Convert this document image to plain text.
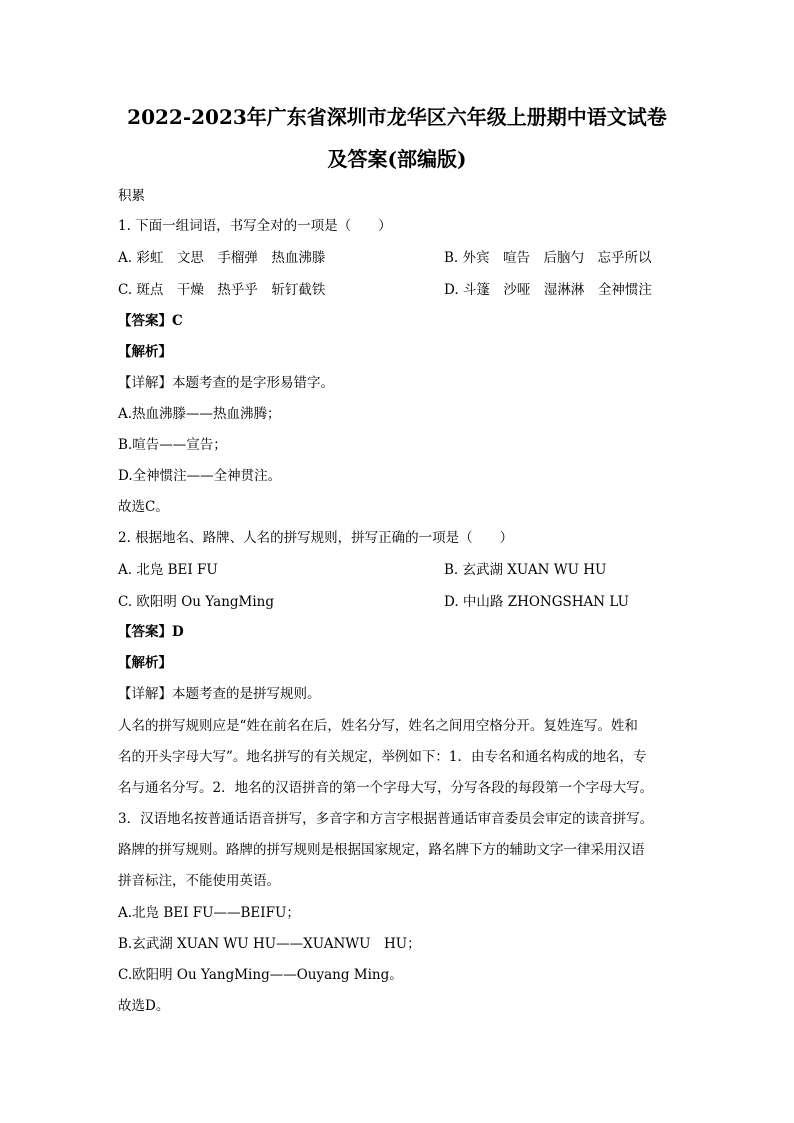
2022-2023年广东省深圳市龙华区六年级上册期中语文试卷
及答案(部编版)
积累
1. 下面一组词语，书写全对的一项是（　　）
A. 彩虹　文思　手榴弹　热血沸滕	B. 外宾　喧告　后脑勺　忘乎所以
C. 斑点　干燥　热乎乎　斩钉截铁	D. 斗篷　沙哑　湿淋淋　全神惯注
【答案】C
【解析】
【详解】本题考查的是字形易错字。
A.热血沸滕——热血沸腾；
B.喧告——宣告；
D.全神惯注——全神贯注。
故选C。
2. 根据地名、路牌、人名的拼写规则，拼写正确的一项是（　　）
A. 北凫 BEI FU	B. 玄武湖 XUAN WU HU
C. 欧阳明 Ou YangMing	D. 中山路 ZHONGSHAN LU
【答案】D
【解析】
【详解】本题考查的是拼写规则。
人名的拼写规则应是“姓在前名在后，姓名分写，姓名之间用空格分开。复姓连写。姓和
名的开头字母大写”。地名拼写的有关规定，举例如下：1．由专名和通名构成的地名，专
名与通名分写。2．地名的汉语拼音的第一个字母大写，分写各段的每段第一个字母大写。
3．汉语地名按普通话语音拼写，多音字和方言字根据普通话审音委员会审定的读音拼写。
路牌的拼写规则。路牌的拼写规则是根据国家规定，路名牌下方的辅助文字一律采用汉语
拼音标注，不能使用英语。
A.北凫 BEI FU——BEIFU；
B.玄武湖 XUAN WU HU——XUANWU　HU；
C.欧阳明 Ou YangMing——Ouyang Ming。
故选D。
